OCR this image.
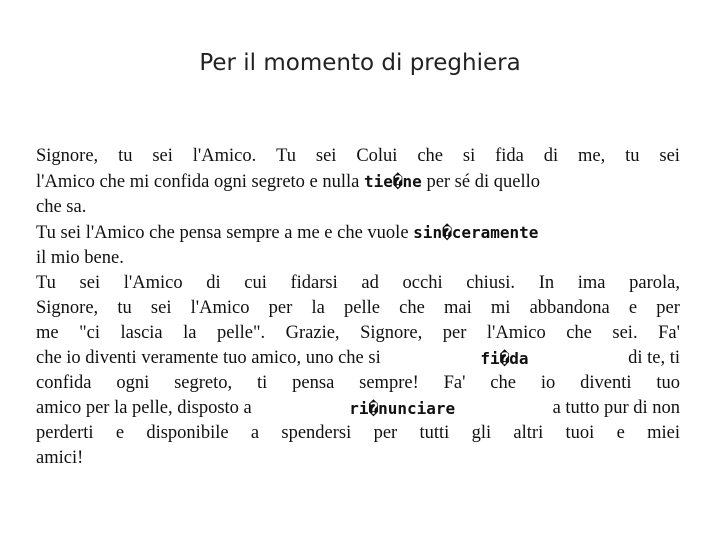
Per il momento di preghiera
Signore, tu sei l'Amico. Tu sei Colui che si fida di me, tu sei
l'Amico che mi confida ogni segreto e nulla tie�ne per sé di quello
che sa.
Tu sei l'Amico che pensa sempre a me e che vuole sin�ceramente
il mio bene.
Tu sei l'Amico di cui fidarsi ad occhi chiusi. In ima parola,
Signore, tu sei l'Amico per la pelle che mai mi abbandona e per
me "ci lascia la pelle". Grazie, Signore, per l'Amico che sei. Fa'
che io diventi veramente tuo amico, uno che si	fi�da	di te, ti
confida ogni segreto, ti pensa sempre! Fa' che io diventi tuo
amico per la pelle, disposto a	ri�nunciare	a tutto pur di non
perderti e disponibile a spendersi per tutti gli altri tuoi e miei
amici!
